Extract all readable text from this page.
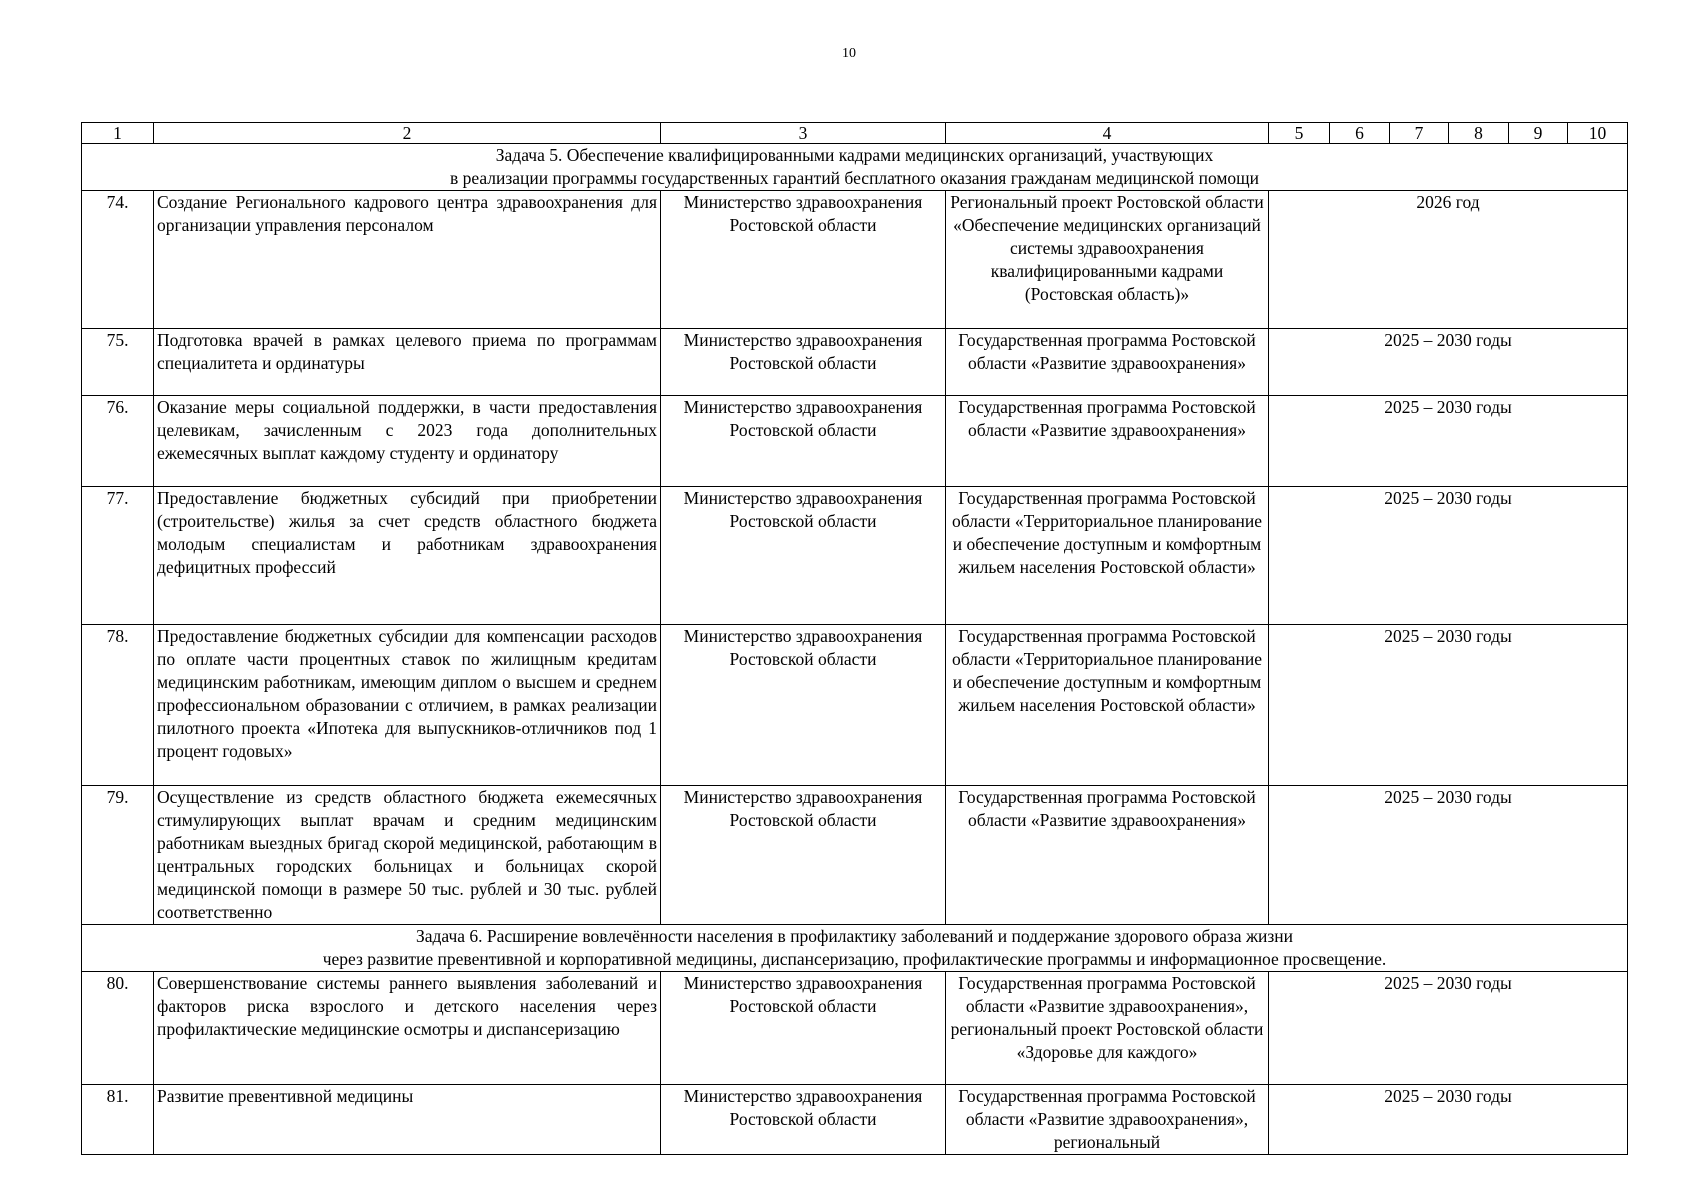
10
1	2	3	4	5	6	7	8	9	10

Задача 5. Обеспечение квалифицированными кадрами медицинских организаций, участвующих
в реализации программы государственных гарантий бесплатного оказания гражданам медицинской помощи									

74.	Создание Регионального кадрового центра здравоохранения для организации управления персоналом	Министерство здравоохранения Ростовской области	Региональный проект Ростовской области «Обеспечение медицинских организаций системы здравоохранения квалифицированными кадрами (Ростовская область)»	2026 год					
75.	Подготовка врачей в рамках целевого приема по программам специалитета и ординатуры	Министерство здравоохранения Ростовской области	Государственная программа Ростовской области «Развитие здравоохранения»	2025 – 2030 годы					
76.	Оказание меры социальной поддержки, в части предоставления целевикам, зачисленным с 2023 года дополнительных ежемесячных выплат каждому студенту и ординатору	Министерство здравоохранения Ростовской области	Государственная программа Ростовской области «Развитие здравоохранения»	2025 – 2030 годы					
77.	Предоставление бюджетных субсидий при приобретении (строительстве) жилья за счет средств областного бюджета молодым специалистам и работникам здравоохранения дефицитных профессий	Министерство здравоохранения Ростовской области	Государственная программа Ростовской области «Территориальное планирование и обеспечение доступным и комфортным жильем населения Ростовской области»	2025 – 2030 годы					
78.	Предоставление бюджетных субсидии для компенсации расходов по оплате части процентных ставок по жилищным кредитам медицинским работникам, имеющим диплом о высшем и среднем профессиональном образовании с отличием, в рамках реализации пилотного проекта «Ипотека для выпускников-отличников под 1 процент годовых»	Министерство здравоохранения Ростовской области	Государственная программа Ростовской области «Территориальное планирование и обеспечение доступным и комфортным жильем населения Ростовской области»	2025 – 2030 годы					
79.	Осуществление из средств областного бюджета ежемесячных стимулирующих выплат врачам и средним медицинским работникам выездных бригад скорой медицинской, работающим в центральных городских больницах и больницах скорой медицинской помощи в размере 50 тыс. рублей и 30 тыс. рублей соответственно	Министерство здравоохранения Ростовской области	Государственная программа Ростовской области «Развитие здравоохранения»	2025 – 2030 годы					

Задача 6. Расширение вовлечённости населения в профилактику заболеваний и поддержание здорового образа жизни
через развитие превентивной и корпоративной медицины, диспансеризацию, профилактические программы и информационное просвещение.									

80.	Совершенствование системы раннего выявления заболеваний и факторов риска взрослого и детского населения через профилактические медицинские осмотры и диспансеризацию	Министерство здравоохранения Ростовской области	Государственная программа Ростовской области «Развитие здравоохранения», региональный проект Ростовской области «Здоровье для каждого»	2025 – 2030 годы					
81.	Развитие превентивной медицины	Министерство здравоохранения Ростовской области	Государственная программа Ростовской области «Развитие здравоохранения», региональный	2025 – 2030 годы					
